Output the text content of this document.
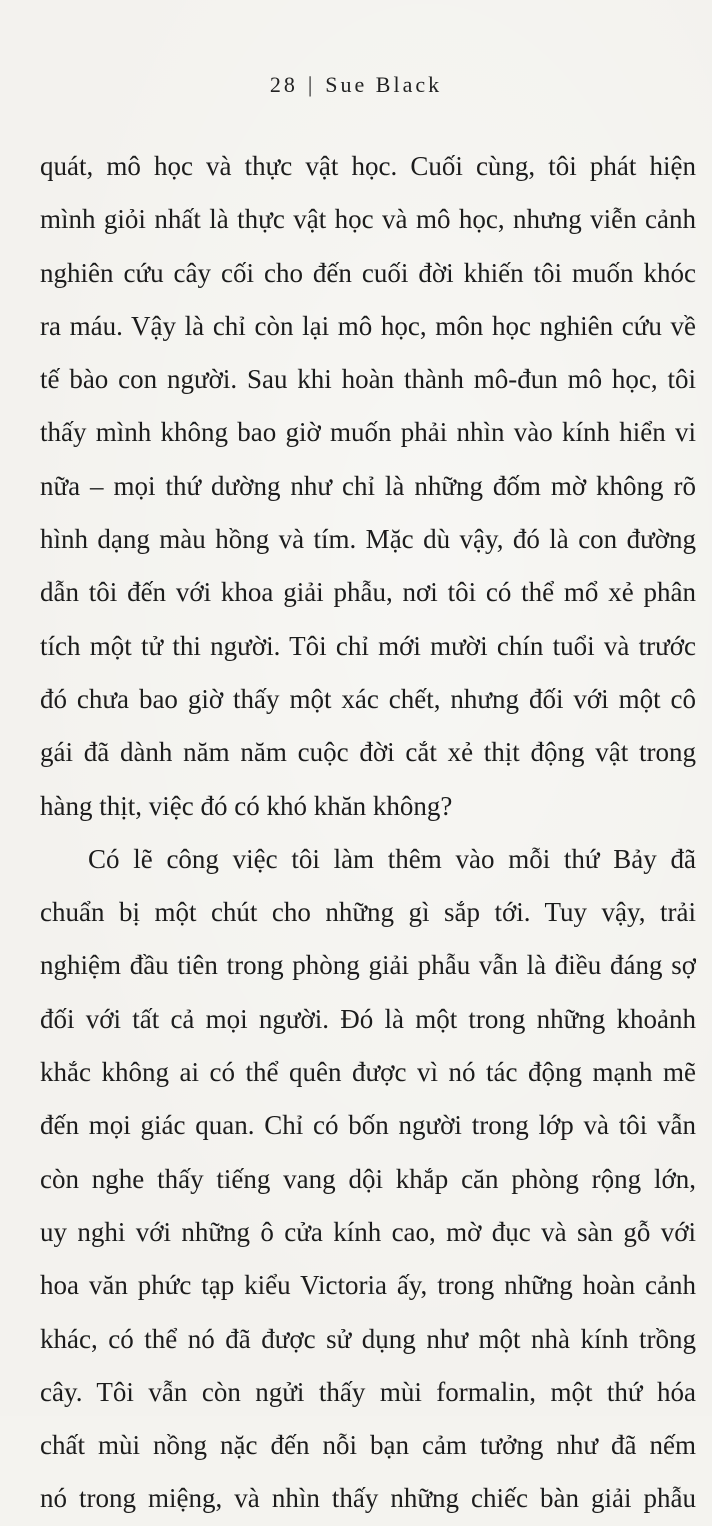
28 | Sue Black
quát, mô học và thực vật học. Cuối cùng, tôi phát hiện
mình giỏi nhất là thực vật học và mô học, nhưng viễn cảnh
nghiên cứu cây cối cho đến cuối đời khiến tôi muốn khóc
ra máu. Vậy là chỉ còn lại mô học, môn học nghiên cứu về
tế bào con người. Sau khi hoàn thành mô-đun mô học, tôi
thấy mình không bao giờ muốn phải nhìn vào kính hiển vi
nữa – mọi thứ dường như chỉ là những đốm mờ không rõ
hình dạng màu hồng và tím. Mặc dù vậy, đó là con đường
dẫn tôi đến với khoa giải phẫu, nơi tôi có thể mổ xẻ phân
tích một tử thi người. Tôi chỉ mới mười chín tuổi và trước
đó chưa bao giờ thấy một xác chết, nhưng đối với một cô
gái đã dành năm năm cuộc đời cắt xẻ thịt động vật trong
hàng thịt, việc đó có khó khăn không?
Có lẽ công việc tôi làm thêm vào mỗi thứ Bảy đã
chuẩn bị một chút cho những gì sắp tới. Tuy vậy, trải
nghiệm đầu tiên trong phòng giải phẫu vẫn là điều đáng sợ
đối với tất cả mọi người. Đó là một trong những khoảnh
khắc không ai có thể quên được vì nó tác động mạnh mẽ
đến mọi giác quan. Chỉ có bốn người trong lớp và tôi vẫn
còn nghe thấy tiếng vang dội khắp căn phòng rộng lớn,
uy nghi với những ô cửa kính cao, mờ đục và sàn gỗ với
hoa văn phức tạp kiểu Victoria ấy, trong những hoàn cảnh
khác, có thể nó đã được sử dụng như một nhà kính trồng
cây. Tôi vẫn còn ngửi thấy mùi formalin, một thứ hóa
chất mùi nồng nặc đến nỗi bạn cảm tưởng như đã nếm
nó trong miệng, và nhìn thấy những chiếc bàn giải phẫu
